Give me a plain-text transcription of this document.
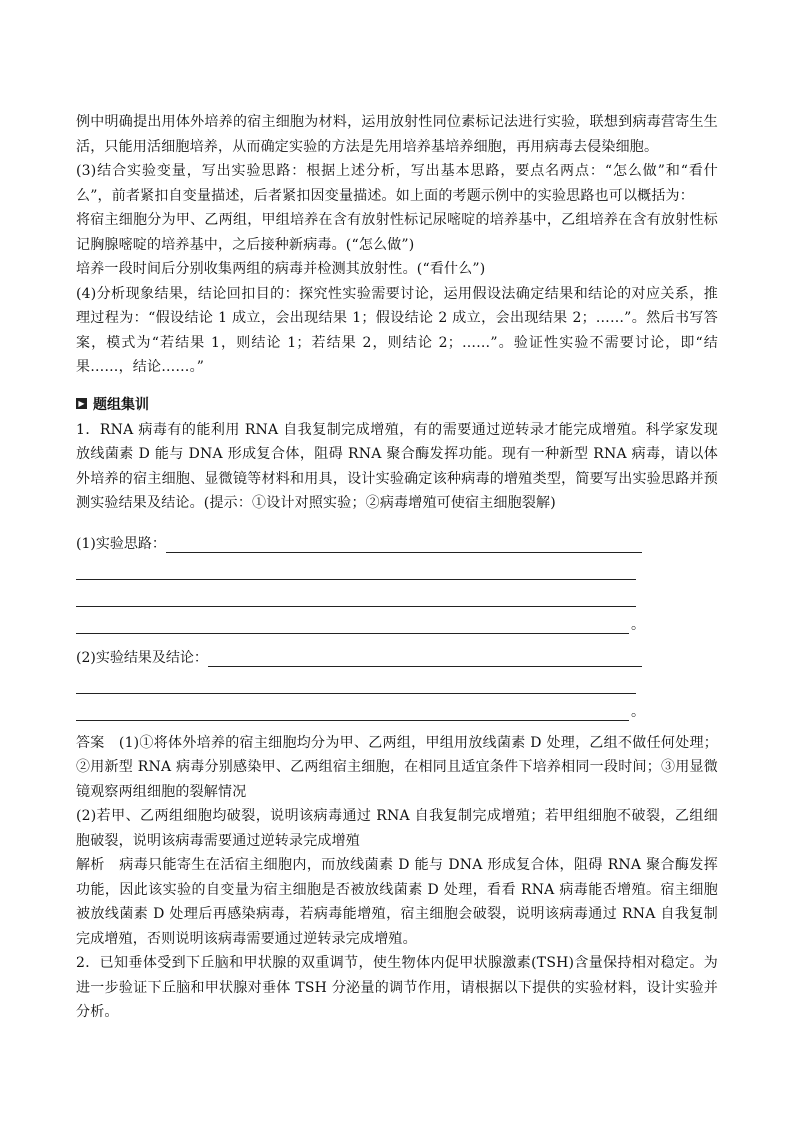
例中明确提出用体外培养的宿主细胞为材料，运用放射性同位素标记法进行实验，联想到病毒营寄生生活，只能用活细胞培养，从而确定实验的方法是先用培养基培养细胞，再用病毒去侵染细胞。

(3)结合实验变量，写出实验思路：根据上述分析，写出基本思路，要点名两点：“怎么做”和“看什么”，前者紧扣自变量描述，后者紧扣因变量描述。如上面的考题示例中的实验思路也可以概括为：

将宿主细胞分为甲、乙两组，甲组培养在含有放射性标记尿嘧啶的培养基中，乙组培养在含有放射性标记胸腺嘧啶的培养基中，之后接种新病毒。(“怎么做”)

培养一段时间后分别收集两组的病毒并检测其放射性。(“看什么”)

(4)分析现象结果，结论回扣目的：探究性实验需要讨论，运用假设法确定结果和结论的对应关系，推理过程为：“假设结论 1 成立，会出现结果 1；假设结论 2 成立，会出现结果 2；……”。然后书写答案，模式为“若结果 1，则结论 1；若结果 2，则结论 2；……”。验证性实验不需要讨论，即“结果……，结论……。”

▶ 题组集训

1．RNA 病毒有的能利用 RNA 自我复制完成增殖，有的需要通过逆转录才能完成增殖。科学家发现放线菌素 D 能与 DNA 形成复合体，阻碍 RNA 聚合酶发挥功能。现有一种新型 RNA 病毒，请以体外培养的宿主细胞、显微镜等材料和用具，设计实验确定该种病毒的增殖类型，简要写出实验思路并预测实验结果及结论。(提示：①设计对照实验；②病毒增殖可使宿主细胞裂解)

(1)实验思路：
。
(2)实验结果及结论：
。

答案　(1)①将体外培养的宿主细胞均分为甲、乙两组，甲组用放线菌素 D 处理，乙组不做任何处理；②用新型 RNA 病毒分别感染甲、乙两组宿主细胞，在相同且适宜条件下培养相同一段时间；③用显微镜观察两组细胞的裂解情况

(2)若甲、乙两组细胞均破裂，说明该病毒通过 RNA 自我复制完成增殖；若甲组细胞不破裂，乙组细胞破裂，说明该病毒需要通过逆转录完成增殖

解析　病毒只能寄生在活宿主细胞内，而放线菌素 D 能与 DNA 形成复合体，阻碍 RNA 聚合酶发挥功能，因此该实验的自变量为宿主细胞是否被放线菌素 D 处理，看看 RNA 病毒能否增殖。宿主细胞被放线菌素 D 处理后再感染病毒，若病毒能增殖，宿主细胞会破裂，说明该病毒通过 RNA 自我复制完成增殖，否则说明该病毒需要通过逆转录完成增殖。

2．已知垂体受到下丘脑和甲状腺的双重调节，使生物体内促甲状腺激素(TSH)含量保持相对稳定。为进一步验证下丘脑和甲状腺对垂体 TSH 分泌量的调节作用，请根据以下提供的实验材料，设计实验并分析。
